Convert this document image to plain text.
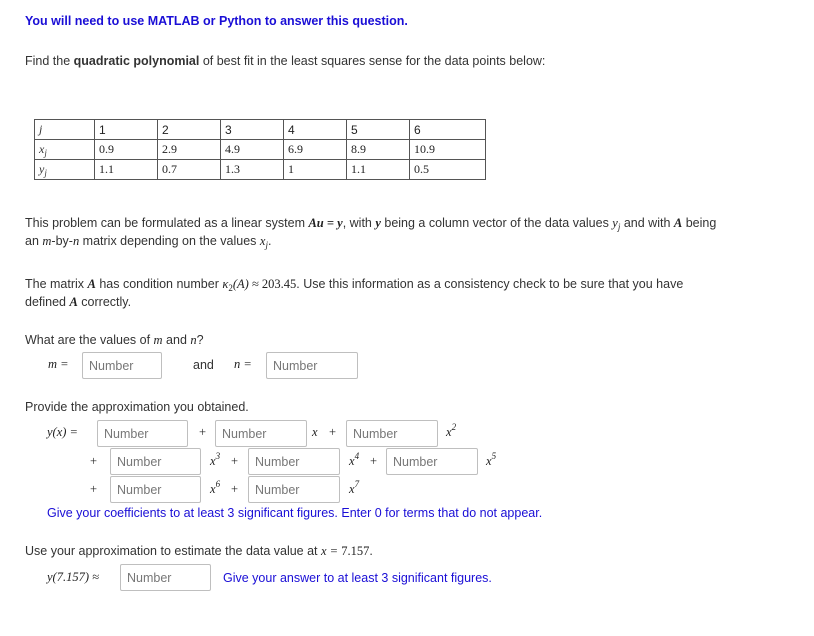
You will need to use MATLAB or Python to answer this question.
Find the quadratic polynomial of best fit in the least squares sense for the data points below:
j	1	2	3	4	5	6
$x_j$	0.9	2.9	4.9	6.9	8.9	10.9
$y_j$	1.1	0.7	1.3	1	1.1	0.5
This problem can be formulated as a linear system Au = y, with y being a column vector of the data values $y_j$ and with A being
an m-by-n matrix depending on the values $x_j$.
The matrix A has condition number $\kappa_2(A) \approx 203.45$. Use this information as a consistency check to be sure that you have
defined A correctly.
What are the values of m and n?
m =
Number	and n =
Number
Provide the approximation you obtained.
y(x) =
Number	+
Number	x +
Number	$x^2$
+
Number	$x^3$ +
Number	$x^4$ +
Number	$x^5$
+
Number	$x^6$ +
Number	$x^7$
Give your coefficients to at least 3 significant figures. Enter 0 for terms that do not appear.
Use your approximation to estimate the data value at x = 7.157.
y(7.157) ≈
Number	Give your answer to at least 3 significant figures.
